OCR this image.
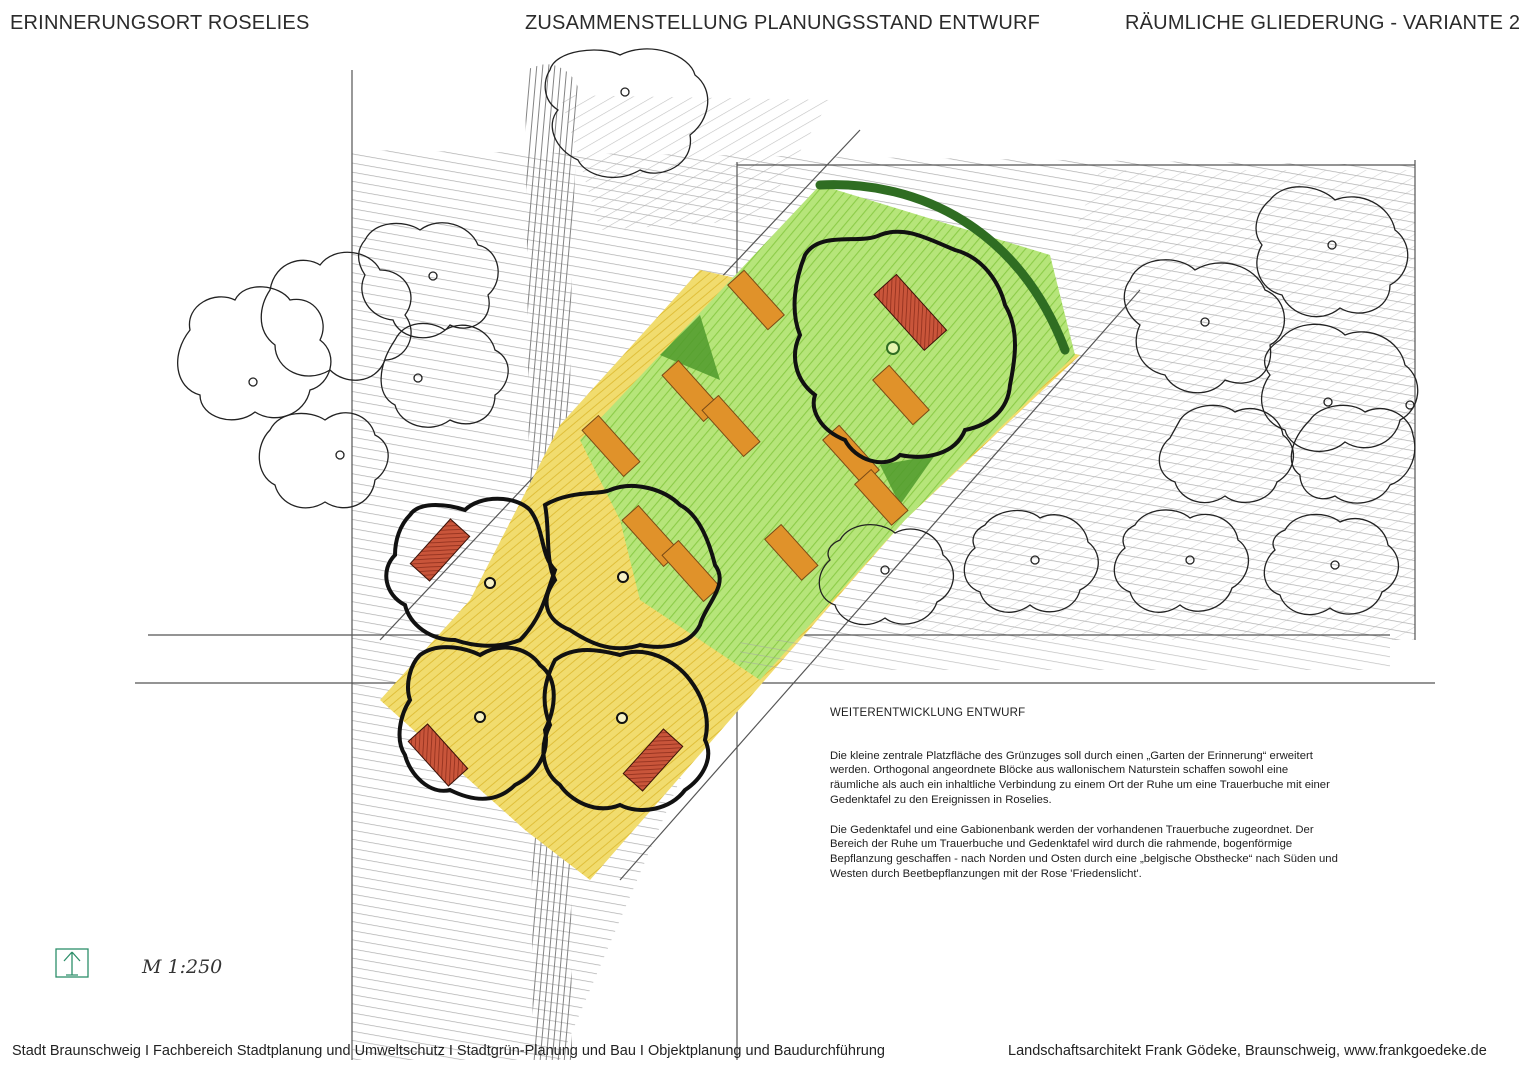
ERINNERUNGSORT ROSELIES	ZUSAMMENSTELLUNG PLANUNGSSTAND ENTWURF	RÄUMLICHE GLIEDERUNG - VARIANTE 2
WEITERENTWICKLUNG ENTWURF

Die kleine zentrale Platzfläche des Grünzuges soll durch einen „Garten der Erinnerung“ erweitert werden. Orthogonal angeordnete Blöcke aus wallonischem Naturstein schaffen sowohl eine räumliche als auch ein inhaltliche Verbindung zu einem Ort der Ruhe um eine Trauerbuche mit einer Gedenktafel zu den Ereignissen in Roselies.

Die Gedenktafel und eine Gabionenbank werden der vorhandenen Trauerbuche zugeordnet. Der Bereich der Ruhe um Trauerbuche und Gedenktafel wird durch die rahmende, bogenförmige Bepflanzung geschaffen - nach Norden und Osten durch eine „belgische Obsthecke“ nach Süden und Westen durch Beetbepflanzungen mit der Rose 'Friedenslicht'.

M 1:250
Stadt Braunschweig I Fachbereich Stadtplanung und Umweltschutz I Stadtgrün-Planung und Bau I Objektplanung und Baudurchführung	Landschaftsarchitekt Frank Gödeke, Braunschweig, www.frankgoedeke.de
